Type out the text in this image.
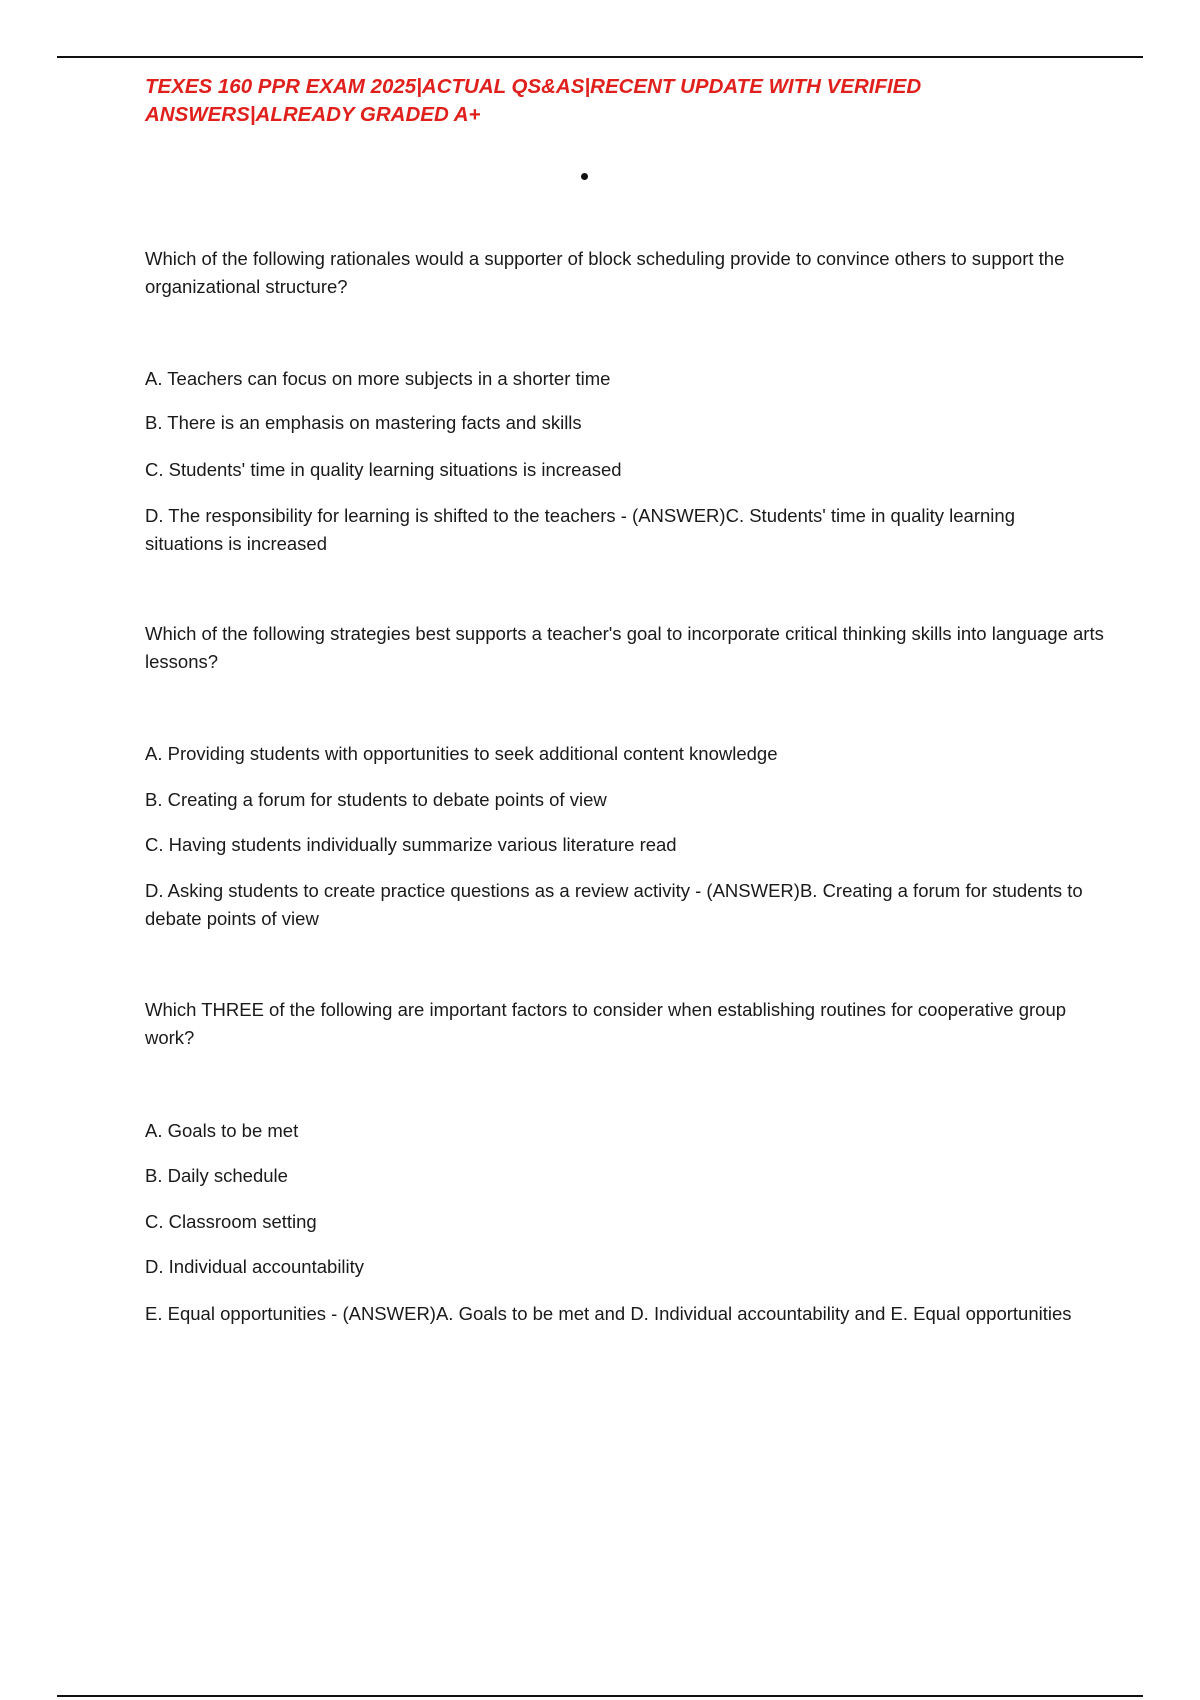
TEXES 160 PPR EXAM 2025|ACTUAL QS&AS|RECENT UPDATE WITH VERIFIED ANSWERS|ALREADY GRADED A+

Which of the following rationales would a supporter of block scheduling provide to convince others to support the organizational structure?

A. Teachers can focus on more subjects in a shorter time

B. There is an emphasis on mastering facts and skills

C. Students' time in quality learning situations is increased

D. The responsibility for learning is shifted to the teachers - (ANSWER)C. Students' time in quality learning situations is increased

Which of the following strategies best supports a teacher's goal to incorporate critical thinking skills into language arts lessons?

A. Providing students with opportunities to seek additional content knowledge

B. Creating a forum for students to debate points of view

C. Having students individually summarize various literature read

D. Asking students to create practice questions as a review activity - (ANSWER)B. Creating a forum for students to debate points of view

Which THREE of the following are important factors to consider when establishing routines for cooperative group work?

A. Goals to be met

B. Daily schedule

C. Classroom setting

D. Individual accountability

E. Equal opportunities - (ANSWER)A. Goals to be met and D. Individual accountability and E. Equal opportunities
